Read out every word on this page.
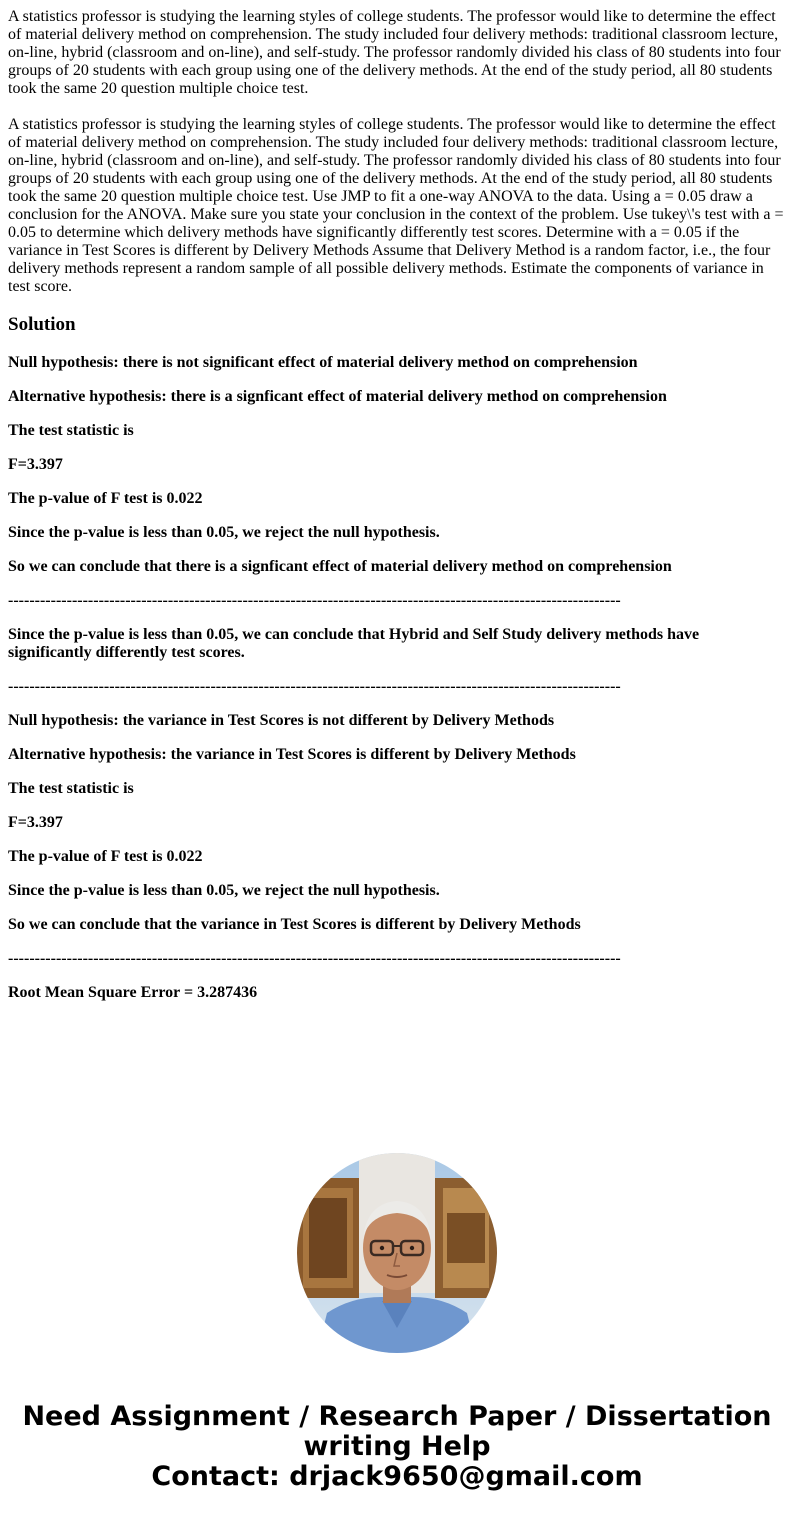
A statistics professor is studying the learning styles of college students. The professor would like to determine the effect of material delivery method on comprehension. The study included four delivery methods: traditional classroom lecture, on-line, hybrid (classroom and on-line), and self-study. The professor randomly divided his class of 80 students into four groups of 20 students with each group using one of the delivery methods. At the end of the study period, all 80 students took the same 20 question multiple choice test.

A statistics professor is studying the learning styles of college students. The professor would like to determine the effect of material delivery method on comprehension. The study included four delivery methods: traditional classroom lecture, on-line, hybrid (classroom and on-line), and self-study. The professor randomly divided his class of 80 students into four groups of 20 students with each group using one of the delivery methods. At the end of the study period, all 80 students took the same 20 question multiple choice test. Use JMP to fit a one-way ANOVA to the data. Using a = 0.05 draw a conclusion for the ANOVA. Make sure you state your conclusion in the context of the problem. Use tukey\'s test with a = 0.05 to determine which delivery methods have significantly differently test scores. Determine with a = 0.05 if the variance in Test Scores is different by Delivery Methods Assume that Delivery Method is a random factor, i.e., the four delivery methods represent a random sample of all possible delivery methods. Estimate the components of variance in test score.

Solution

Null hypothesis: there is not significant effect of material delivery method on comprehension

Alternative hypothesis: there is a signficant effect of material delivery method on comprehension

The test statistic is

F=3.397

The p-value of F test is 0.022

Since the p-value is less than 0.05, we reject the null hypothesis.

So we can conclude that there is a signficant effect of material delivery method on comprehension

-------------------------------------------------------------------------------------------------------------------

Since the p-value is less than 0.05, we can conclude that Hybrid and Self Study delivery methods have significantly differently test scores.

-------------------------------------------------------------------------------------------------------------------

Null hypothesis: the variance in Test Scores is not different by Delivery Methods

Alternative hypothesis: the variance in Test Scores is different by Delivery Methods

The test statistic is

F=3.397

The p-value of F test is 0.022

Since the p-value is less than 0.05, we reject the null hypothesis.

So we can conclude that the variance in Test Scores is different by Delivery Methods

-------------------------------------------------------------------------------------------------------------------

Root Mean Square Error = 3.287436

Need Assignment / Research Paper / Dissertation
writing Help
Contact: drjack9650@gmail.com
